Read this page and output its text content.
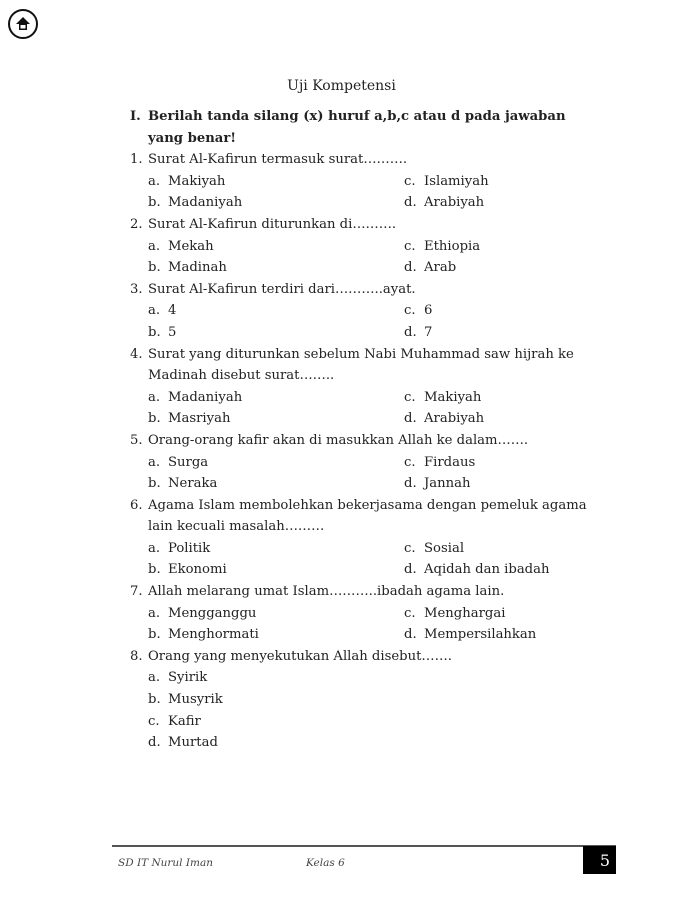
Uji Kompetensi
I. Berilah tanda silang (x) huruf a,b,c atau d pada jawaban yang benar!
1. Surat Al-Kafirun termasuk surat……….
a. Makiyah	c. Islamiyah
b. Madaniyah	d. Arabiyah
2. Surat Al-Kafirun diturunkan di……….
a. Mekah	c. Ethiopia
b. Madinah	d. Arab
3. Surat Al-Kafirun terdiri dari………..ayat.
a. 4	c. 6
b. 5	d. 7
4. Surat yang diturunkan sebelum Nabi Muhammad saw hijrah ke Madinah disebut surat……..
a. Madaniyah	c. Makiyah
b. Masriyah	d. Arabiyah
5. Orang-orang kafir akan di masukkan Allah ke dalam…….
a. Surga	c. Firdaus
b. Neraka	d. Jannah
6. Agama Islam membolehkan bekerjasama dengan pemeluk agama lain kecuali masalah………
a. Politik	c. Sosial
b. Ekonomi	d. Aqidah dan ibadah
7. Allah melarang umat Islam………..ibadah agama lain.
a. Mengganggu	c. Menghargai
b. Menghormati	d. Mempersilahkan
8. Orang yang menyekutukan Allah disebut…….
a. Syirik
b. Musyrik
c. Kafir
d. Murtad
SD IT Nurul Iman	Kelas 6	5
